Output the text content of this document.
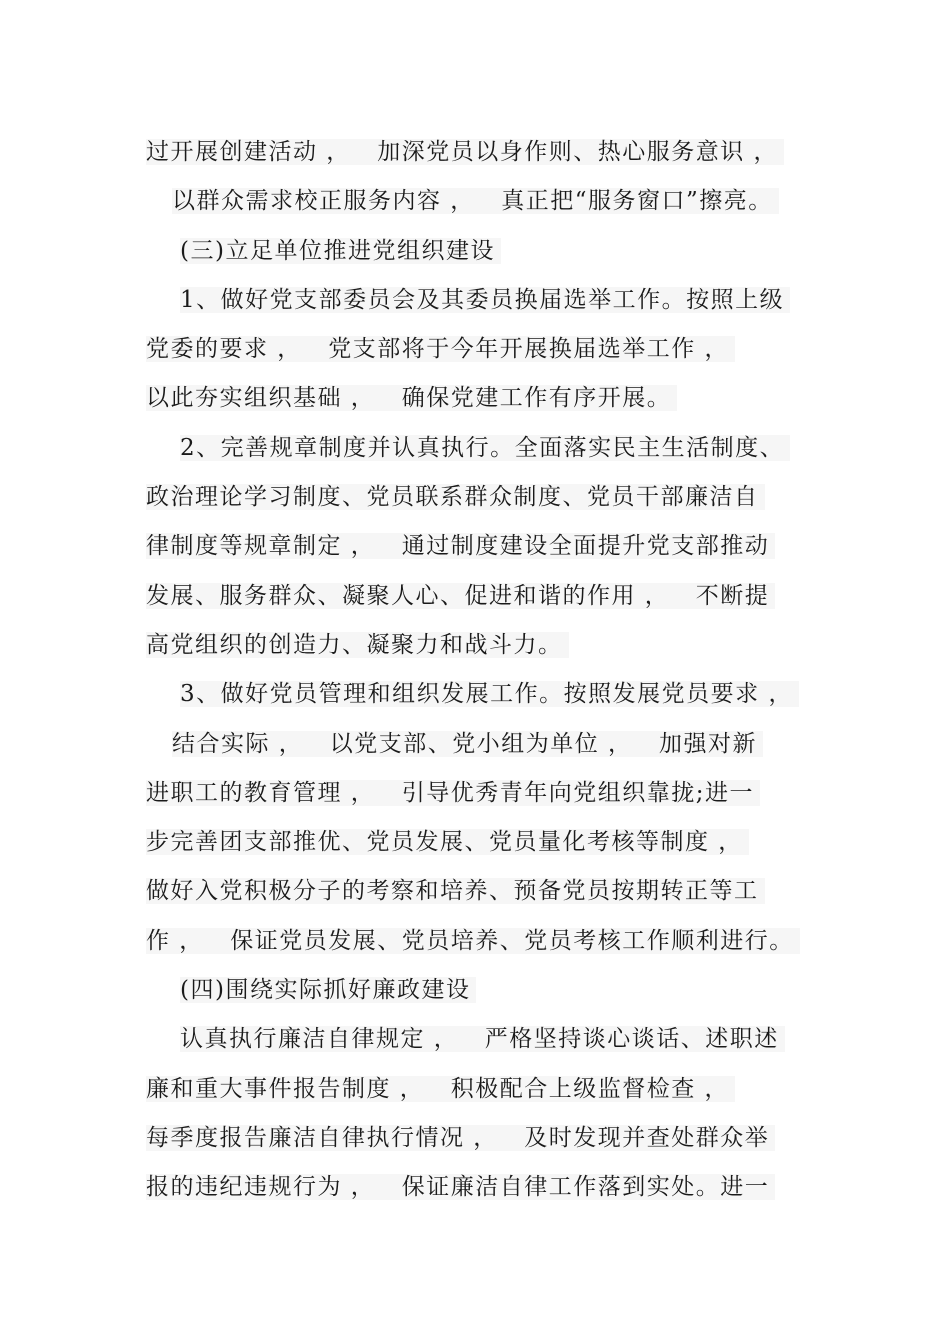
过开展创建活动 ，   加深党员以身作则、热心服务意识 ，
以群众需求校正服务内容 ，   真正把“服务窗口”擦亮。
(三)立足单位推进党组织建设
1、做好党支部委员会及其委员换届选举工作。按照上级
党委的要求 ，   党支部将于今年开展换届选举工作 ，
以此夯实组织基础 ，   确保党建工作有序开展。
2、完善规章制度并认真执行。全面落实民主生活制度、
政治理论学习制度、党员联系群众制度、党员干部廉洁自
律制度等规章制定 ，   通过制度建设全面提升党支部推动
发展、服务群众、凝聚人心、促进和谐的作用 ，   不断提
高党组织的创造力、凝聚力和战斗力。
3、做好党员管理和组织发展工作。按照发展党员要求 ，
结合实际 ，   以党支部、党小组为单位 ，   加强对新
进职工的教育管理 ，   引导优秀青年向党组织靠拢;进一
步完善团支部推优、党员发展、党员量化考核等制度 ，
做好入党积极分子的考察和培养、预备党员按期转正等工
作 ，   保证党员发展、党员培养、党员考核工作顺利进行。
(四)围绕实际抓好廉政建设
认真执行廉洁自律规定 ，   严格坚持谈心谈话、述职述
廉和重大事件报告制度 ，   积极配合上级监督检查 ，
每季度报告廉洁自律执行情况 ，   及时发现并查处群众举
报的违纪违规行为 ，   保证廉洁自律工作落到实处。进一
